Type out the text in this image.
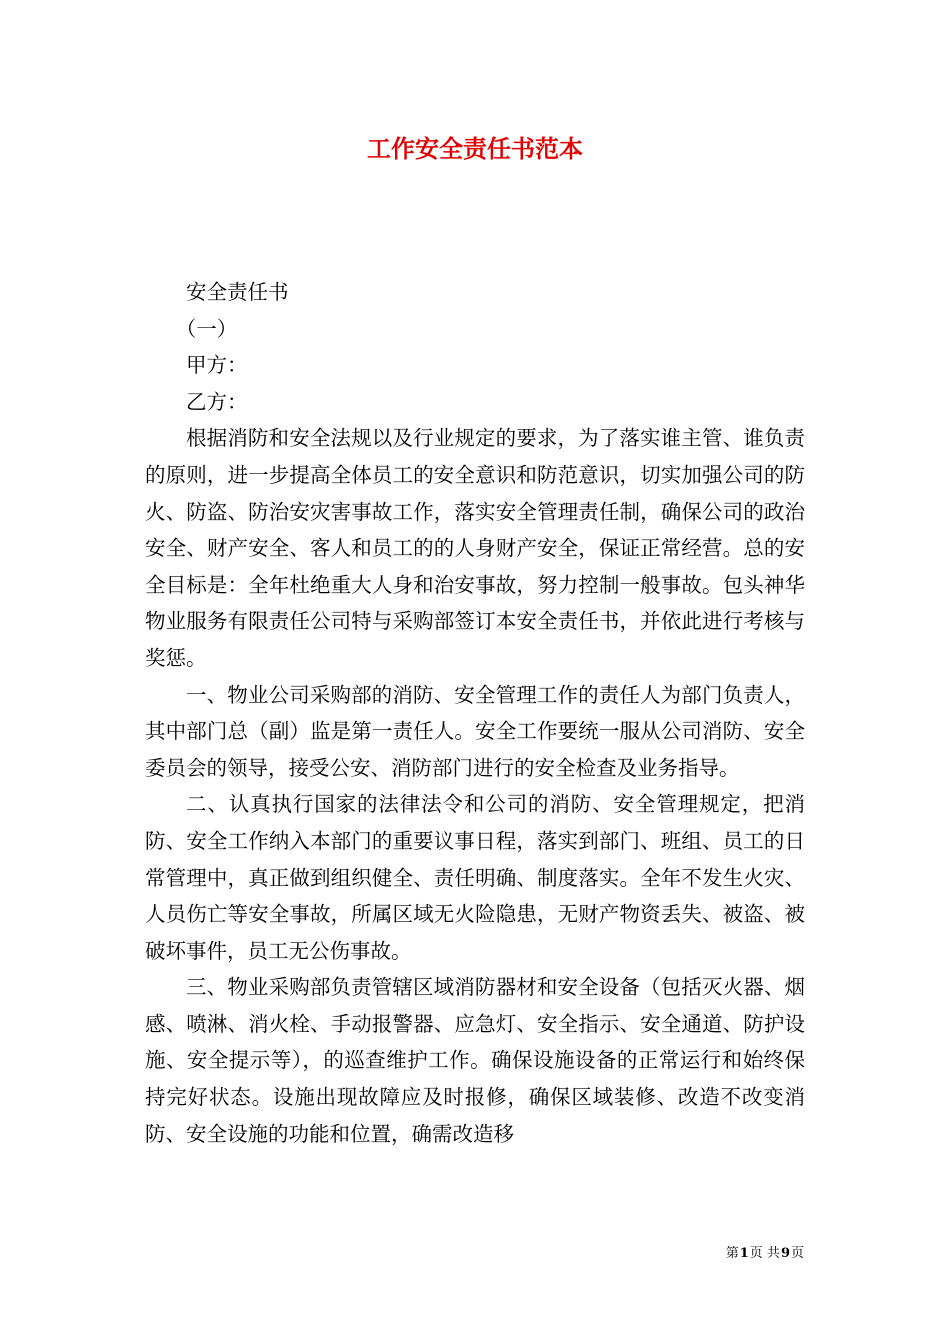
工作安全责任书范本

安全责任书

（一）

甲方：

乙方：

根据消防和安全法规以及行业规定的要求，为了落实谁主管、谁负责的原则，进一步提高全体员工的安全意识和防范意识，切实加强公司的防火、防盗、防治安灾害事故工作，落实安全管理责任制，确保公司的政治安全、财产安全、客人和员工的的人身财产安全，保证正常经营。总的安全目标是：全年杜绝重大人身和治安事故，努力控制一般事故。包头神华物业服务有限责任公司特与采购部签订本安全责任书，并依此进行考核与奖惩。

一、物业公司采购部的消防、安全管理工作的责任人为部门负责人，其中部门总（副）监是第一责任人。安全工作要统一服从公司消防、安全委员会的领导，接受公安、消防部门进行的安全检查及业务指导。

二、认真执行国家的法律法令和公司的消防、安全管理规定，把消防、安全工作纳入本部门的重要议事日程，落实到部门、班组、员工的日常管理中，真正做到组织健全、责任明确、制度落实。全年不发生火灾、人员伤亡等安全事故，所属区域无火险隐患，无财产物资丢失、被盗、被破坏事件，员工无公伤事故。

三、物业采购部负责管辖区域消防器材和安全设备（包括灭火器、烟感、喷淋、消火栓、手动报警器、应急灯、安全指示、安全通道、防护设施、安全提示等），的巡查维护工作。确保设施设备的正常运行和始终保持完好状态。设施出现故障应及时报修，确保区域装修、改造不改变消防、安全设施的功能和位置，确需改造移

第1页 共9页
